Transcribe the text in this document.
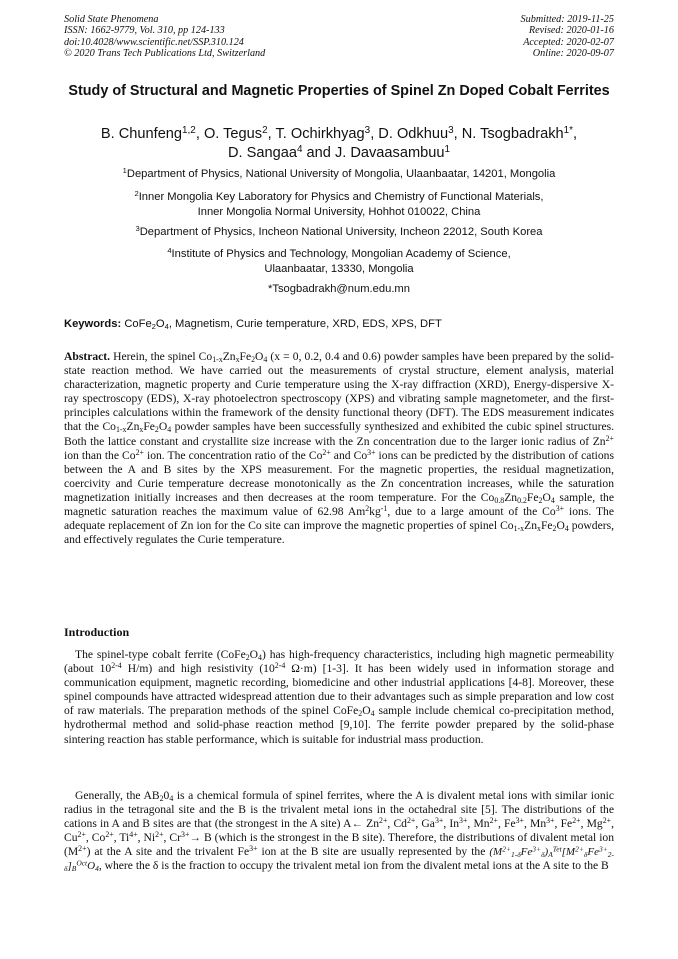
Solid State Phenomena
ISSN: 1662-9779, Vol. 310, pp 124-133
doi:10.4028/www.scientific.net/SSP.310.124
© 2020 Trans Tech Publications Ltd, Switzerland
Submitted: 2019-11-25
Revised: 2020-01-16
Accepted: 2020-02-07
Online: 2020-09-07
Study of Structural and Magnetic Properties of Spinel Zn Doped Cobalt Ferrites
B. Chunfeng$^{1,2}$, O. Tegus$^2$, T. Ochirkhyag$^3$, D. Odkhuu$^3$, N. Tsogbadrakh$^{1*}$,
D. Sangaa$^4$ and J. Davaasambuu$^1$
$^1$Department of Physics, National University of Mongolia, Ulaanbaatar, 14201, Mongolia
$^2$Inner Mongolia Key Laboratory for Physics and Chemistry of Functional Materials,
Inner Mongolia Normal University, Hohhot 010022, China
$^3$Department of Physics, Incheon National University, Incheon 22012, South Korea
$^4$Institute of Physics and Technology, Mongolian Academy of Science,
Ulaanbaatar, 13330, Mongolia
*Tsogbadrakh@num.edu.mn
Keywords: $CoFe_2O_4$, Magnetism, Curie temperature, XRD, EDS, XPS, DFT
Abstract. Herein, the spinel $Co_{1-x}Zn_xFe_2O_4$ (x = 0, 0.2, 0.4 and 0.6) powder samples have been prepared by the solid-state reaction method. We have carried out the measurements of crystal structure, element analysis, material characterization, magnetic property and Curie temperature using the X-ray diffraction (XRD), Energy-dispersive X-ray spectroscopy (EDS), X-ray photoelectron spectroscopy (XPS) and vibrating sample magnetometer, and the first-principles calculations within the framework of the density functional theory (DFT). The EDS measurement indicates that the $Co_{1-x}Zn_xFe_2O_4$ powder samples have been successfully synthesized and exhibited the cubic spinel structures. Both the lattice constant and crystallite size increase with the Zn concentration due to the larger ionic radius of $Zn^{2+}$ ion than the $Co^{2+}$ ion. The concentration ratio of the $Co^{2+}$ and $Co^{3+}$ ions can be predicted by the distribution of cations between the A and B sites by the XPS measurement. For the magnetic properties, the residual magnetization, coercivity and Curie temperature decrease monotonically as the Zn concentration increases, while the saturation magnetization initially increases and then decreases at the room temperature. For the $Co_{0.8}Zn_{0.2}Fe_2O_4$ sample, the magnetic saturation reaches the maximum value of 62.98 $Am^2kg^{-1}$, due to a large amount of the $Co^{3+}$ ions. The adequate replacement of Zn ion for the Co site can improve the magnetic properties of spinel $Co_{1-x}Zn_xFe_2O_4$ powders, and effectively regulates the Curie temperature.
Introduction
The spinel-type cobalt ferrite $(CoFe_2O_4)$ has high-frequency characteristics, including high magnetic permeability (about 10$^{2-4}$ H/m) and high resistivity (10$^{2-4}$ Ω·m) [1-3]. It has been widely used in information storage and communication equipment, magnetic recording, biomedicine and other industrial applications [4-8]. Moreover, these spinel compounds have attracted widespread attention due to their advantages such as simple preparation and low cost of raw materials. The preparation methods of the spinel $CoFe_2O_4$ sample include chemical co-precipitation method, hydrothermal method and solid-phase reaction method [9,10]. The ferrite powder prepared by the solid-phase sintering reaction has stable performance, which is suitable for industrial mass production.
Generally, the $AB_20_4$ is a chemical formula of spinel ferrites, where the A is divalent metal ions with similar ionic radius in the tetragonal site and the B is the trivalent metal ions in the octahedral site [5]. The distributions of the cations in A and B sites are that (the strongest in the A site) A← $Zn^{2+}$, $Cd^{2+}$, $Ga^{3+}$, $In^{3+}$, $Mn^{2+}$, $Fe^{3+}$, $Mn^{3+}$, $Fe^{2+}$, $Mg^{2+}$, $Cu^{2+}$, $Co^{2+}$, $Ti^{4+}$, $Ni^{2+}$, $Cr^{3+}\to B$ (which is the strongest in the B site). Therefore, the distributions of divalent metal ion $(M^{2+})$ at the A site and the trivalent $Fe^{3+}$ ion at the B site are usually represented by the $(M^{2+}_{1-\delta}Fe^{3+}_\delta)_A^{Tet}[M^{2+}_\delta Fe^{3+}_{2-\delta}]_B^{Oct}O_4$, where the δ is the fraction to occupy the trivalent metal ion from the divalent metal ions at the A site to the B
